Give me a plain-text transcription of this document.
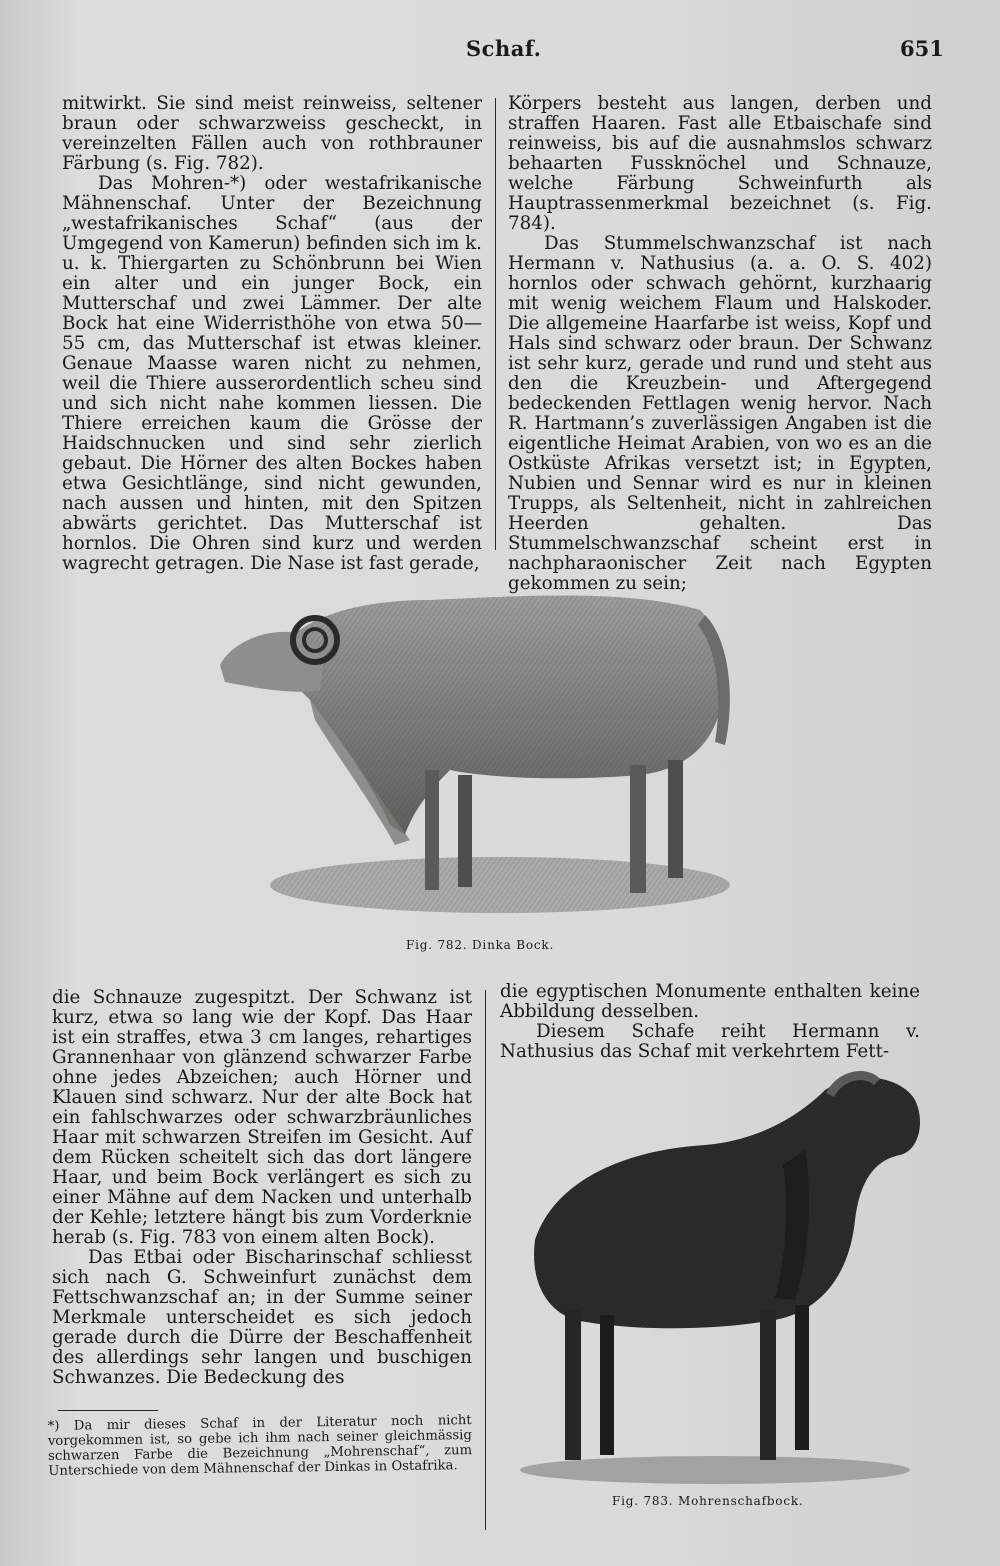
Schaf.	651

mitwirkt. Sie sind meist reinweiss, seltener braun oder schwarzweiss gescheckt, in vereinzelten Fällen auch von rothbrauner Färbung (s. Fig. 782).

Das Mohren-*) oder westafrikanische Mähnenschaf. Unter der Bezeichnung „westafrikanisches Schaf“ (aus der Umgegend von Kamerun) befinden sich im k. u. k. Thiergarten zu Schönbrunn bei Wien ein alter und ein junger Bock, ein Mutterschaf und zwei Lämmer. Der alte Bock hat eine Widerristhöhe von etwa 50—55 cm, das Mutterschaf ist etwas kleiner. Genaue Maasse waren nicht zu nehmen, weil die Thiere ausserordentlich scheu sind und sich nicht nahe kommen liessen. Die Thiere erreichen kaum die Grösse der Haidschnucken und sind sehr zierlich gebaut. Die Hörner des alten Bockes haben etwa Gesichtlänge, sind nicht gewunden, nach aussen und hinten, mit den Spitzen abwärts gerichtet. Das Mutterschaf ist hornlos. Die Ohren sind kurz und werden wagrecht getragen. Die Nase ist fast gerade,

Körpers besteht aus langen, derben und straffen Haaren. Fast alle Etbaischafe sind reinweiss, bis auf die ausnahmslos schwarz behaarten Fussknöchel und Schnauze, welche Färbung Schweinfurth als Hauptrassenmerkmal bezeichnet (s. Fig. 784).

Das Stummelschwanzschaf ist nach Hermann v. Nathusius (a. a. O. S. 402) hornlos oder schwach gehörnt, kurzhaarig mit wenig weichem Flaum und Halskoder. Die allgemeine Haarfarbe ist weiss, Kopf und Hals sind schwarz oder braun. Der Schwanz ist sehr kurz, gerade und rund und steht aus den die Kreuzbein- und Aftergegend bedeckenden Fettlagen wenig hervor. Nach R. Hartmann’s zuverlässigen Angaben ist die eigentliche Heimat Arabien, von wo es an die Ostküste Afrikas versetzt ist; in Egypten, Nubien und Sennar wird es nur in kleinen Trupps, als Seltenheit, nicht in zahlreichen Heerden gehalten. Das Stummelschwanzschaf scheint erst in nachpharaonischer Zeit nach Egypten gekommen zu sein;

Fig. 782. Dinka Bock.

die Schnauze zugespitzt. Der Schwanz ist kurz, etwa so lang wie der Kopf. Das Haar ist ein straffes, etwa 3 cm langes, rehartiges Grannenhaar von glänzend schwarzer Farbe ohne jedes Abzeichen; auch Hörner und Klauen sind schwarz. Nur der alte Bock hat ein fahlschwarzes oder schwarzbräunliches Haar mit schwarzen Streifen im Gesicht. Auf dem Rücken scheitelt sich das dort längere Haar, und beim Bock verlängert es sich zu einer Mähne auf dem Nacken und unterhalb der Kehle; letztere hängt bis zum Vorderknie herab (s. Fig. 783 von einem alten Bock).

Das Etbai oder Bischarinschaf schliesst sich nach G. Schweinfurt zunächst dem Fettschwanzschaf an; in der Summe seiner Merkmale unterscheidet es sich jedoch gerade durch die Dürre der Beschaffenheit des allerdings sehr langen und buschigen Schwanzes. Die Bedeckung des

*) Da mir dieses Schaf in der Literatur noch nicht vorgekommen ist, so gebe ich ihm nach seiner gleichmässig schwarzen Farbe die Bezeichnung „Mohrenschaf“, zum Unterschiede von dem Mähnenschaf der Dinkas in Ostafrika.

die egyptischen Monumente enthalten keine Abbildung desselben.

Diesem Schafe reiht Hermann v. Nathusius das Schaf mit verkehrtem Fett-

Fig. 783. Mohrenschafbock.
